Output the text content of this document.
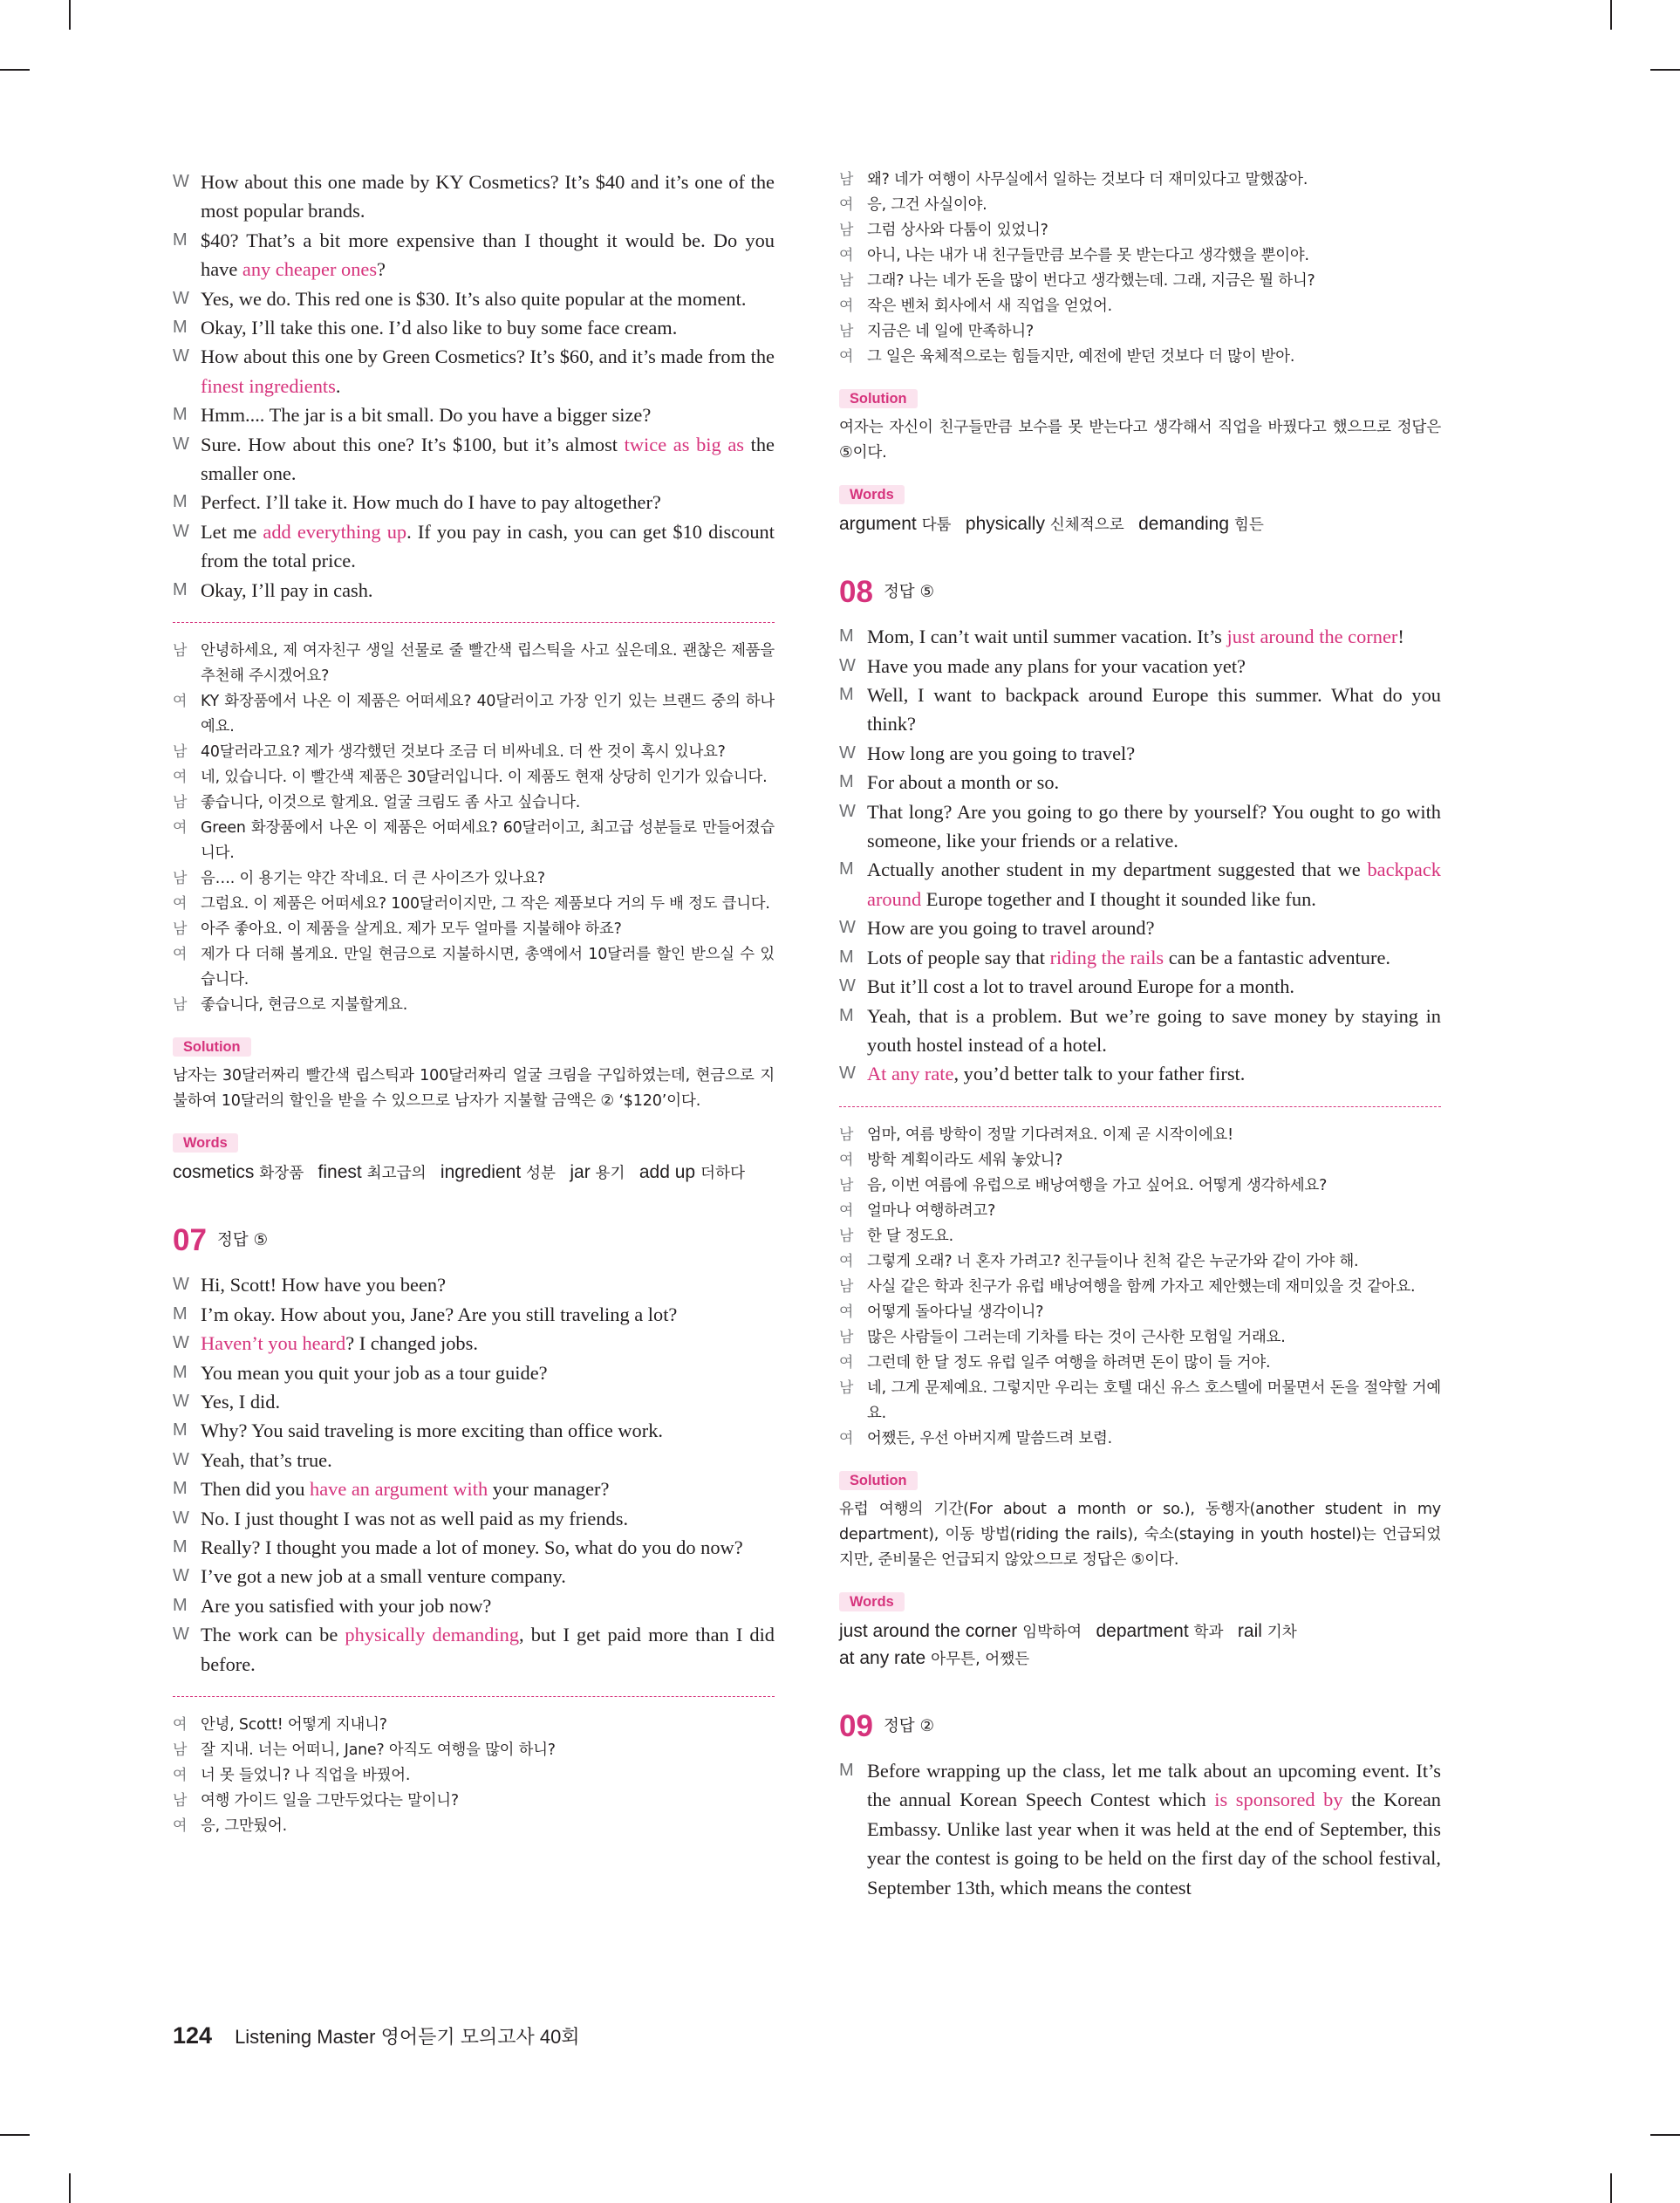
W How about this one made by KY Cosmetics? It’s $40 and it’s one of the most popular brands.
M $40? That’s a bit more expensive than I thought it would be. Do you have any cheaper ones?
W Yes, we do. This red one is $30. It’s also quite popular at the moment.
M Okay, I’ll take this one. I’d also like to buy some face cream.
W How about this one by Green Cosmetics? It’s $60, and it’s made from the finest ingredients.
M Hmm.... The jar is a bit small. Do you have a bigger size?
W Sure. How about this one? It’s $100, but it’s almost twice as big as the smaller one.
M Perfect. I’ll take it. How much do I have to pay altogether?
W Let me add everything up. If you pay in cash, you can get $10 discount from the total price.
M Okay, I’ll pay in cash.
남 안녕하세요, 제 여자친구 생일 선물로 줄 빨간색 립스틱을 사고 싶은데요. 괜찮은 제품을 추천해 주시겠어요?
여 KY 화장품에서 나온 이 제품은 어떠세요? 40달러이고 가장 인기 있는 브랜드 중의 하나예요.
남 40달러라고요? 제가 생각했던 것보다 조금 더 비싸네요. 더 싼 것이 혹시 있나요?
여 네, 있습니다. 이 빨간색 제품은 30달러입니다. 이 제품도 현재 상당히 인기가 있습니다.
남 좋습니다, 이것으로 할게요. 얼굴 크림도 좀 사고 싶습니다.
여 Green 화장품에서 나온 이 제품은 어떠세요? 60달러이고, 최고급 성분들로 만들어졌습니다.
남 음…. 이 용기는 약간 작네요. 더 큰 사이즈가 있나요?
여 그럼요. 이 제품은 어떠세요? 100달러이지만, 그 작은 제품보다 거의 두 배 정도 큽니다.
남 아주 좋아요. 이 제품을 살게요. 제가 모두 얼마를 지불해야 하죠?
여 제가 다 더해 볼게요. 만일 현금으로 지불하시면, 총액에서 10달러를 할인 받으실 수 있습니다.
남 좋습니다, 현금으로 지불할게요.
Solution
남자는 30달러짜리 빨간색 립스틱과 100달러짜리 얼굴 크림을 구입하였는데, 현금으로 지불하여 10달러의 할인을 받을 수 있으므로 남자가 지불할 금액은 ② ‘$120’이다.
Words
cosmetics 화장품  finest 최고급의  ingredient 성분  jar 용기  add up 더하다
07 정답 ⑤
W Hi, Scott! How have you been?
M I’m okay. How about you, Jane? Are you still traveling a lot?
W Haven’t you heard? I changed jobs.
M You mean you quit your job as a tour guide?
W Yes, I did.
M Why? You said traveling is more exciting than office work.
W Yeah, that’s true.
M Then did you have an argument with your manager?
W No. I just thought I was not as well paid as my friends.
M Really? I thought you made a lot of money. So, what do you do now?
W I’ve got a new job at a small venture company.
M Are you satisfied with your job now?
W The work can be physically demanding, but I get paid more than I did before.
여 안녕, Scott! 어떻게 지내니?
남 잘 지내. 너는 어떠니, Jane? 아직도 여행을 많이 하니?
여 너 못 들었니? 나 직업을 바꿨어.
남 여행 가이드 일을 그만두었다는 말이니?
여 응, 그만뒀어.
남 왜? 네가 여행이 사무실에서 일하는 것보다 더 재미있다고 말했잖아.
여 응, 그건 사실이야.
남 그럼 상사와 다툼이 있었니?
여 아니, 나는 내가 내 친구들만큼 보수를 못 받는다고 생각했을 뿐이야.
남 그래? 나는 네가 돈을 많이 번다고 생각했는데. 그래, 지금은 뭘 하니?
여 작은 벤처 회사에서 새 직업을 얻었어.
남 지금은 네 일에 만족하니?
여 그 일은 육체적으로는 힘들지만, 예전에 받던 것보다 더 많이 받아.
Solution
여자는 자신이 친구들만큼 보수를 못 받는다고 생각해서 직업을 바꿨다고 했으므로 정답은 ⑤이다.
Words
argument 다툼  physically 신체적으로  demanding 힘든
08 정답 ⑤
M Mom, I can’t wait until summer vacation. It’s just around the corner!
W Have you made any plans for your vacation yet?
M Well, I want to backpack around Europe this summer. What do you think?
W How long are you going to travel?
M For about a month or so.
W That long? Are you going to go there by yourself? You ought to go with someone, like your friends or a relative.
M Actually another student in my department suggested that we backpack around Europe together and I thought it sounded like fun.
W How are you going to travel around?
M Lots of people say that riding the rails can be a fantastic adventure.
W But it’ll cost a lot to travel around Europe for a month.
M Yeah, that is a problem. But we’re going to save money by staying in youth hostel instead of a hotel.
W At any rate, you’d better talk to your father first.
남 엄마, 여름 방학이 정말 기다려져요. 이제 곧 시작이에요!
여 방학 계획이라도 세워 놓았니?
남 음, 이번 여름에 유럽으로 배낭여행을 가고 싶어요. 어떻게 생각하세요?
여 얼마나 여행하려고?
남 한 달 정도요.
여 그렇게 오래? 너 혼자 가려고? 친구들이나 친척 같은 누군가와 같이 가야 해.
남 사실 같은 학과 친구가 유럽 배낭여행을 함께 가자고 제안했는데 재미있을 것 같아요.
여 어떻게 돌아다닐 생각이니?
남 많은 사람들이 그러는데 기차를 타는 것이 근사한 모험일 거래요.
여 그런데 한 달 정도 유럽 일주 여행을 하려면 돈이 많이 들 거야.
남 네, 그게 문제예요. 그렇지만 우리는 호텔 대신 유스 호스텔에 머물면서 돈을 절약할 거예요.
여 어쨌든, 우선 아버지께 말씀드려 보렴.
Solution
유럽 여행의 기간(For about a month or so.), 동행자(another student in my department), 이동 방법(riding the rails), 숙소(staying in youth hostel)는 언급되었지만, 준비물은 언급되지 않았으므로 정답은 ⑤이다.
Words
just around the corner 임박하여  department 학과  rail 기차
at any rate 아무튼, 어쨌든
09 정답 ②
M Before wrapping up the class, let me talk about an upcoming event. It’s the annual Korean Speech Contest which is sponsored by the Korean Embassy. Unlike last year when it was held at the end of September, this year the contest is going to be held on the first day of the school festival, September 13th, which means the contest
124 Listening Master 영어듣기 모의고사 40회
